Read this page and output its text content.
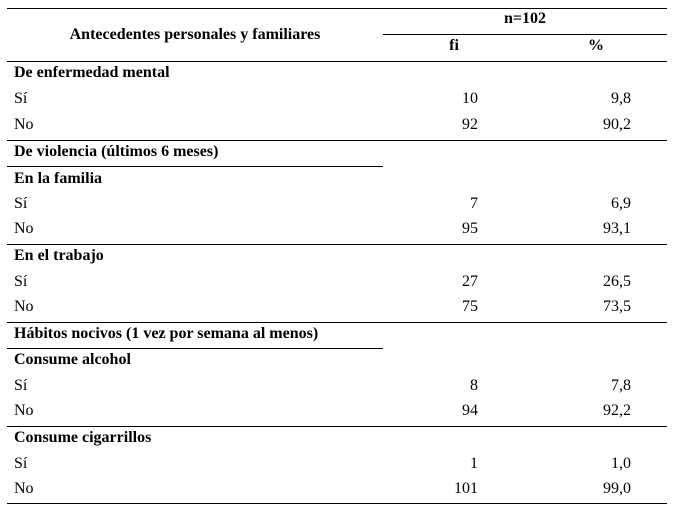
Antecedentes personales y familiares
n=102
fi	%
De enfermedad mental
Sí	10	9,8
No	92	90,2
De violencia (últimos 6 meses)
En la familia
Sí	7	6,9
No	95	93,1
En el trabajo
Sí	27	26,5
No	75	73,5
Hábitos nocivos (1 vez por semana al menos)
Consume alcohol
Sí	8	7,8
No	94	92,2
Consume cigarrillos
Sí	1	1,0
No	101	99,0
